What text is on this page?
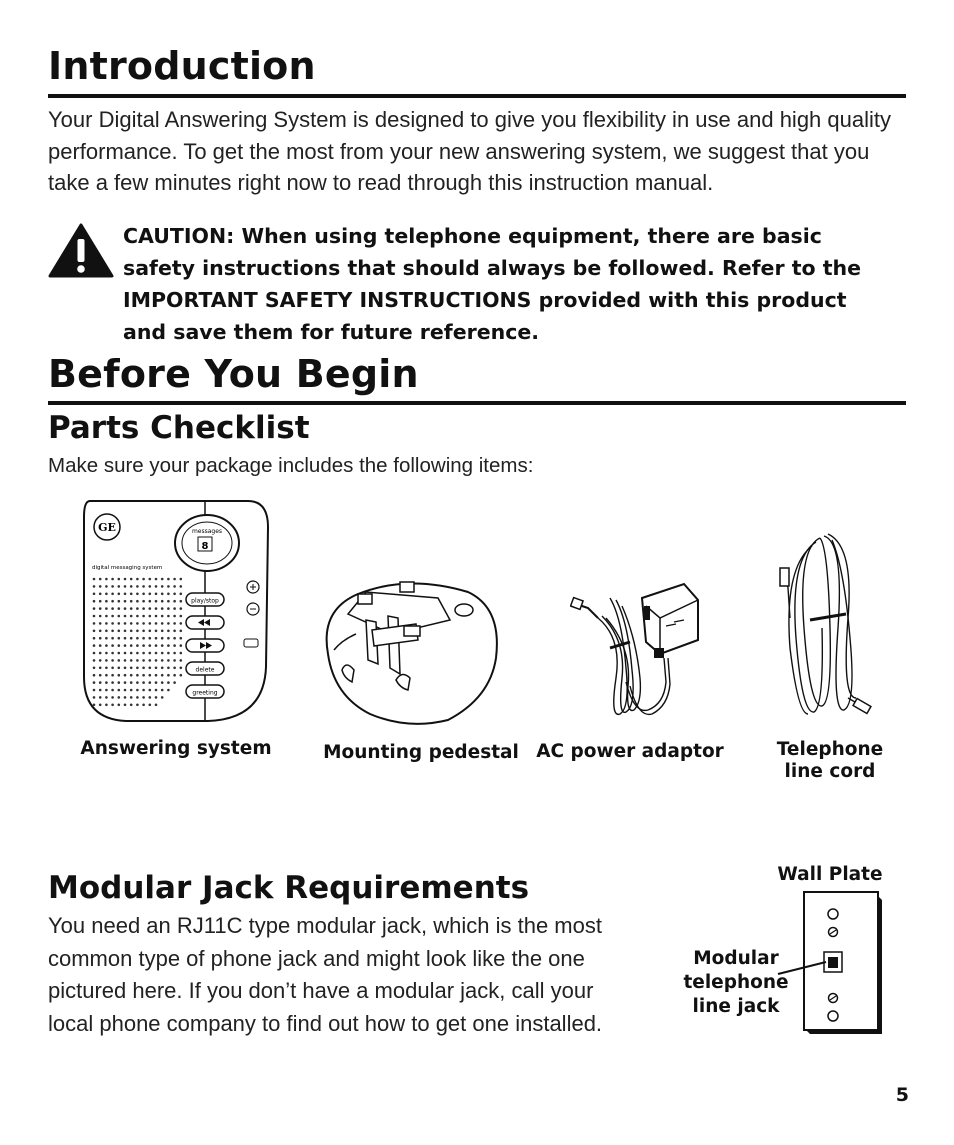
Introduction

Your Digital Answering System is designed to give you flexibility in use and high quality performance. To get the most from your new answering system, we suggest that you take a few minutes right now to read through this instruction manual.

CAUTION: When using telephone equipment, there are basic safety instructions that should always be followed. Refer to the IMPORTANT SAFETY INSTRUCTIONS provided with this product and save them for future reference.

Before You Begin
Parts Checklist

Make sure your package includes the following items:

GE	messages
8
digital messaging system
play/stop
delete
greeting
Answering system	Mounting pedestal AC power adaptor	Telephone
line cord
Modular Jack Requirements

You need an RJ11C type modular jack, which is the most common type of phone jack and might look like the one pictured here. If you don’t have a modular jack, call your local phone company to find out how to get one installed.

Wall Plate
Modular
telephone
line jack
5
